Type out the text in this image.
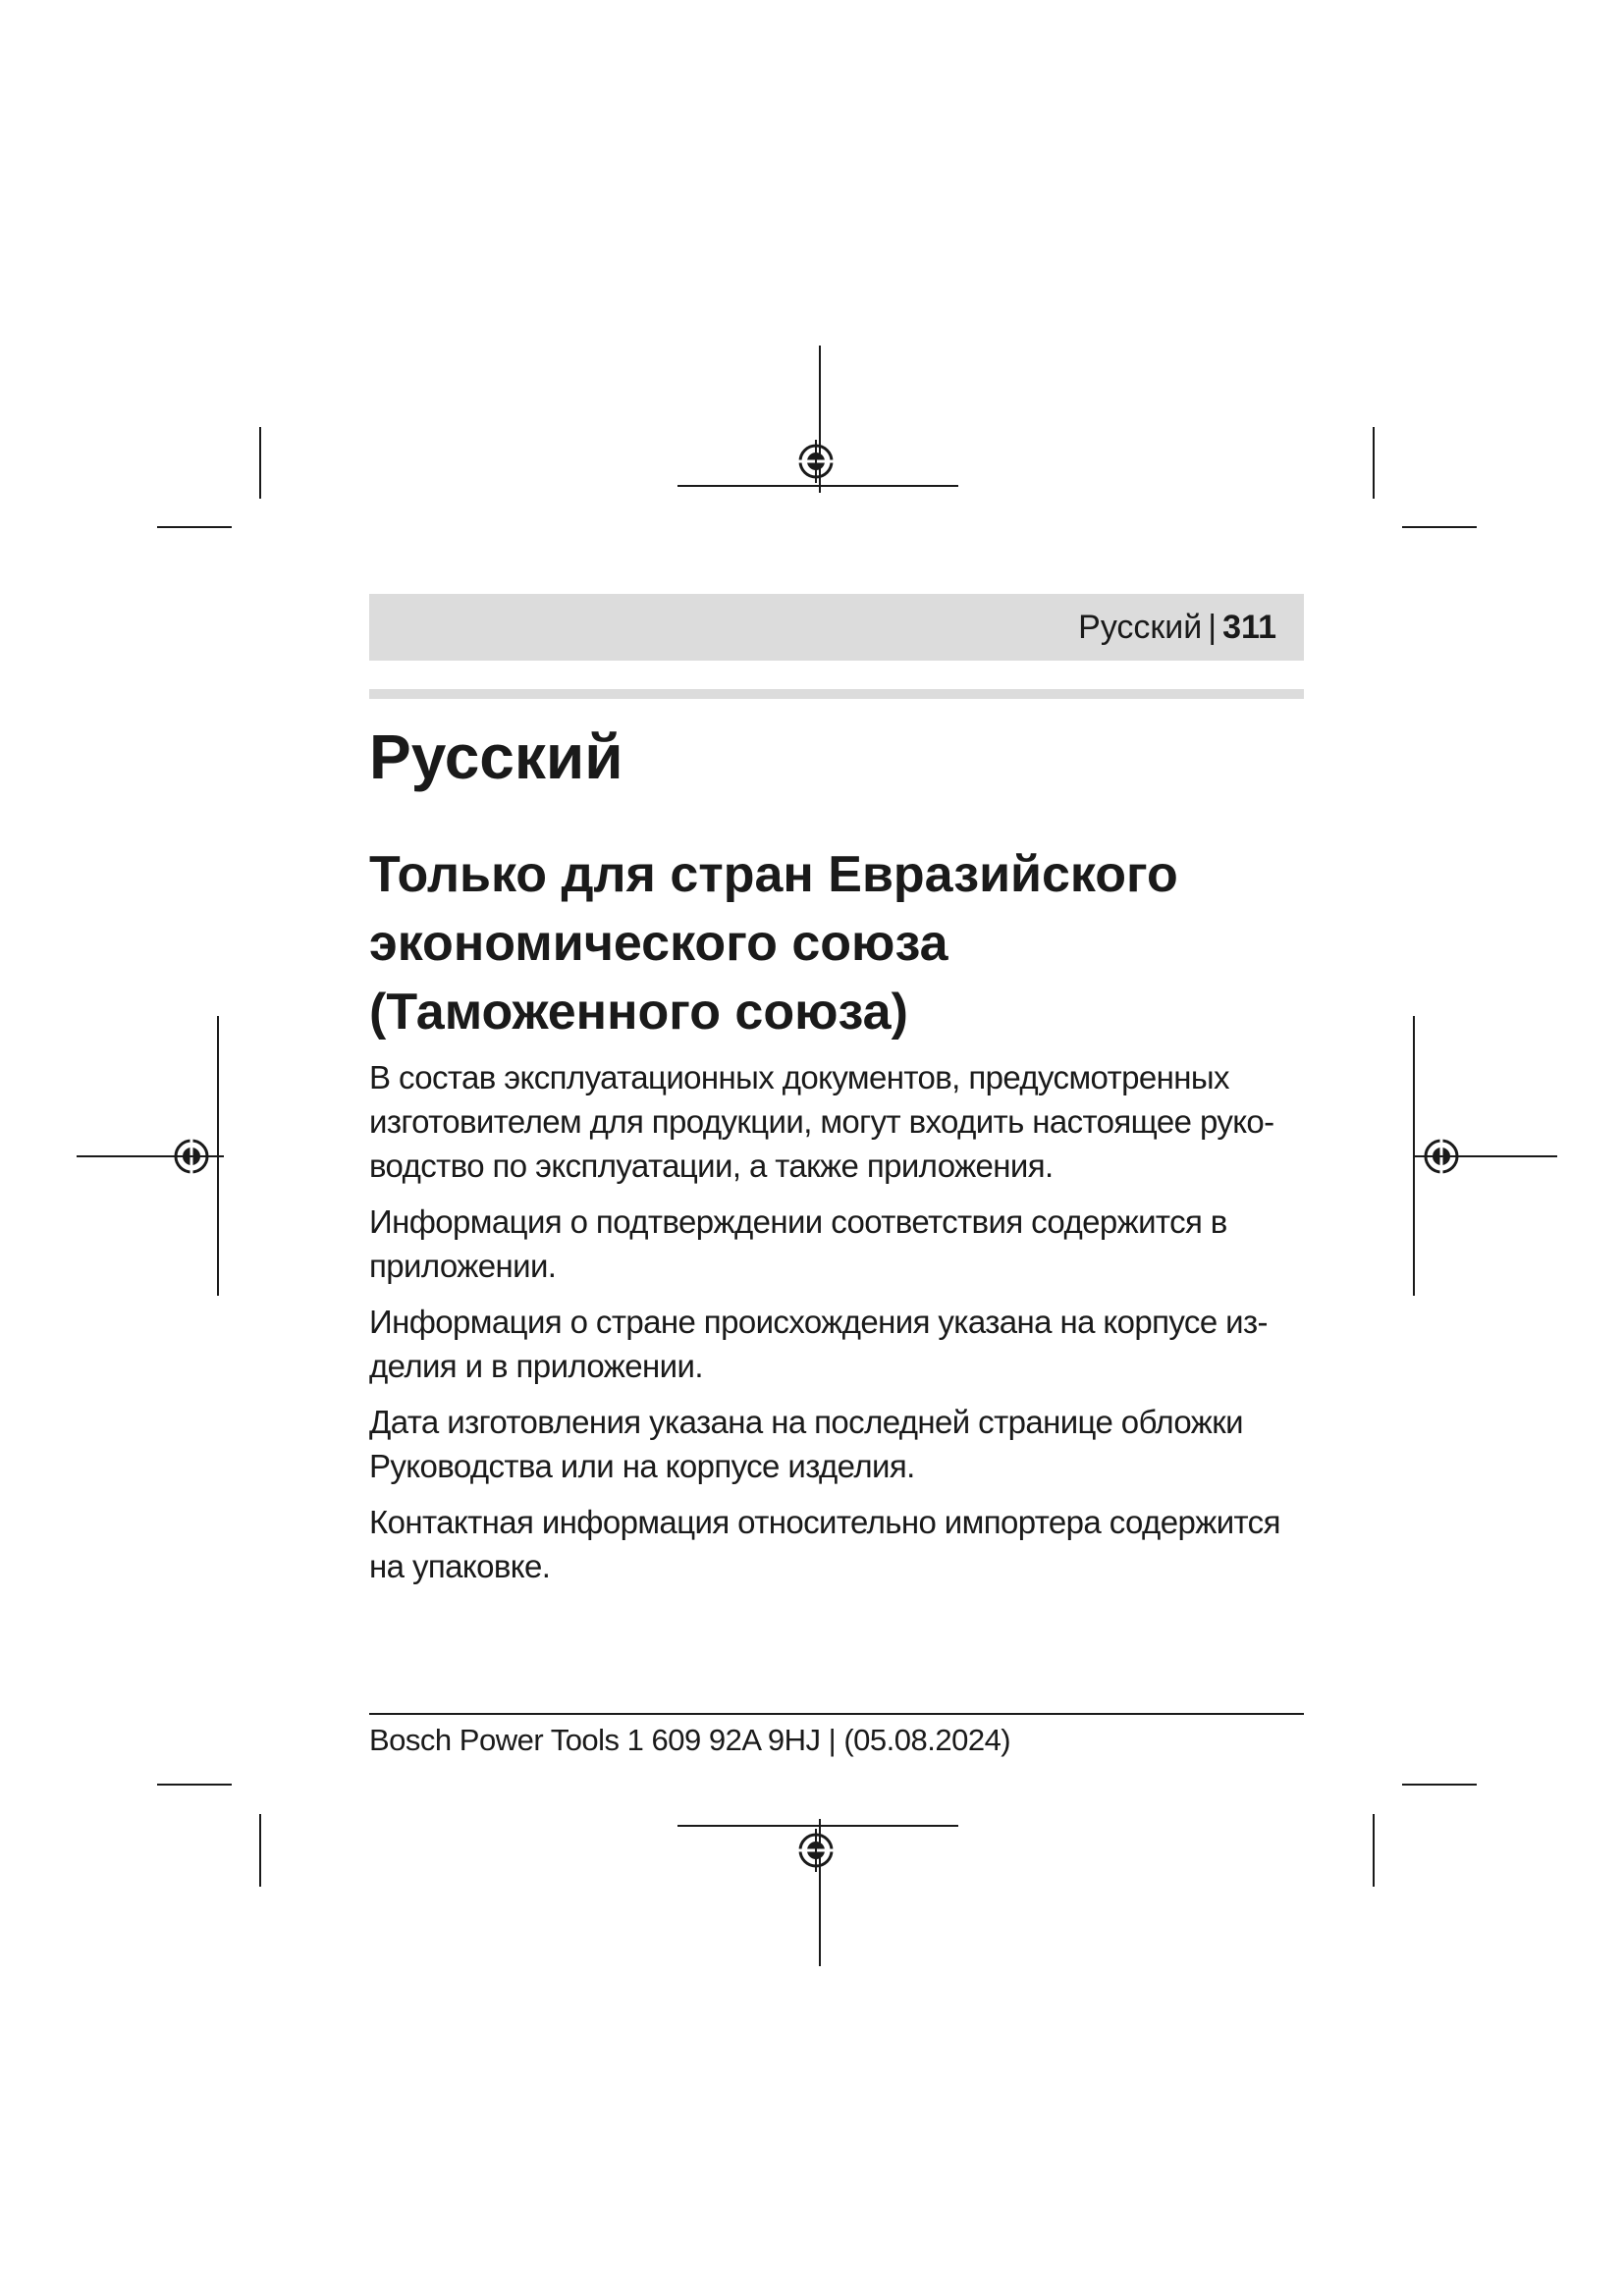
Русский | 311
Русский
Только для стран Евразийского
экономического союза
(Таможенного союза)

В состав эксплуатационных документов, предусмотренных
изготовителем для продукции, могут входить настоящее руко-
водство по эксплуатации, а также приложения.

Информация о подтверждении соответствия содержится в
приложении.

Информация о стране происхождения указана на корпусе из-
делия и в приложении.

Дата изготовления указана на последней странице обложки
Руководства или на корпусе изделия.

Контактная информация относительно импортера содержится
на упаковке.

Bosch Power Tools 1 609 92A 9HJ | (05.08.2024)
